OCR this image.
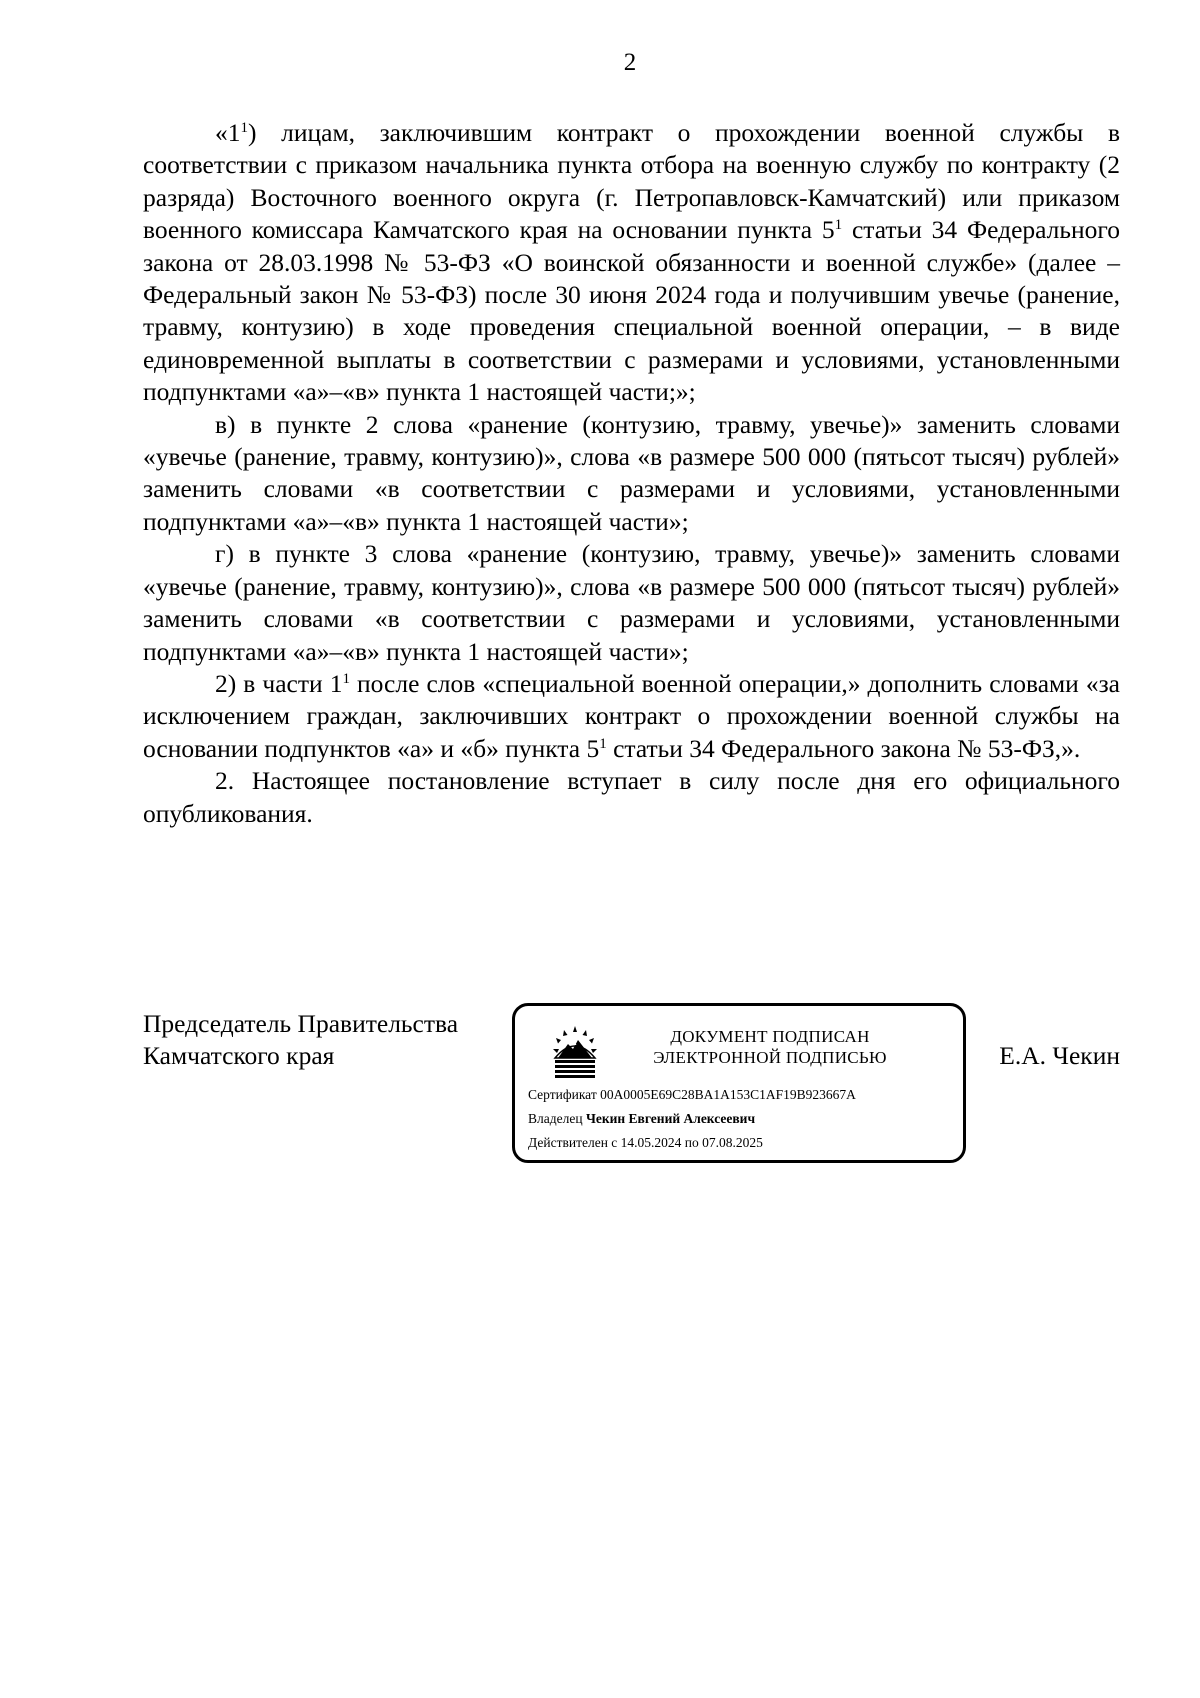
2

«$1^1$) лицам, заключившим контракт о прохождении военной службы в соответствии с приказом начальника пункта отбора на военную службу по контракту (2 разряда) Восточного военного округа (г. Петропавловск-Камчатский) или приказом военного комиссара Камчатского края на основании пункта $5^1$ статьи 34 Федерального закона от 28.03.1998 № 53-ФЗ «О воинской обязанности и военной службе» (далее – Федеральный закон № 53-ФЗ) после 30 июня 2024 года и получившим увечье (ранение, травму, контузию) в ходе проведения специальной военной операции, – в виде единовременной выплаты в соответствии с размерами и условиями, установленными подпунктами «а»–«в» пункта 1 настоящей части;»;

в) в пункте 2 слова «ранение (контузию, травму, увечье)» заменить словами «увечье (ранение, травму, контузию)», слова «в размере 500 000 (пятьсот тысяч) рублей» заменить словами «в соответствии с размерами и условиями, установленными подпунктами «а»–«в» пункта 1 настоящей части»;

г) в пункте 3 слова «ранение (контузию, травму, увечье)» заменить словами «увечье (ранение, травму, контузию)», слова «в размере 500 000 (пятьсот тысяч) рублей» заменить словами «в соответствии с размерами и условиями, установленными подпунктами «а»–«в» пункта 1 настоящей части»;

2) в части $1^1$ после слов «специальной военной операции,» дополнить словами «за исключением граждан, заключивших контракт о прохождении военной службы на основании подпунктов «а» и «б» пункта $5^1$ статьи 34 Федерального закона № 53-ФЗ,».

2. Настоящее постановление вступает в силу после дня его официального опубликования.

Председатель Правительства
Камчатского края
ДОКУМЕНТ ПОДПИСАН
ЭЛЕКТРОННОЙ ПОДПИСЬЮ
Сертификат 00A0005E69C28BA1A153C1AF19B923667A
Владелец Чекин Евгений Алексеевич
Действителен с 14.05.2024 по 07.08.2025
Е.А. Чекин
